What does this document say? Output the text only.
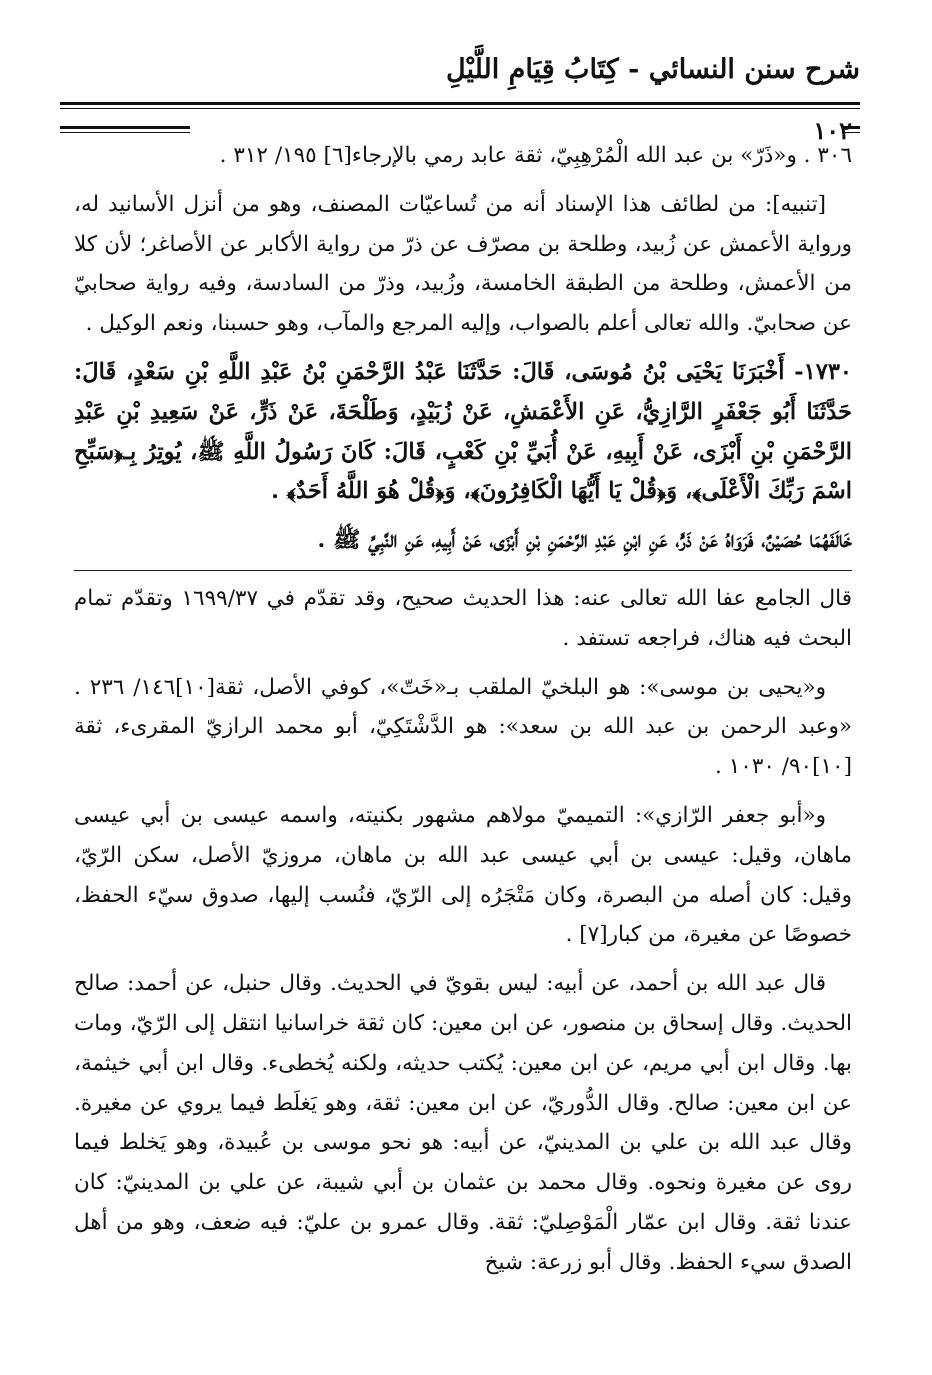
شرح سنن النسائي - كِتَابُ قِيَامِ اللَّيْلِ
١٠٢

٣٠٦ . و«ذَرّ» بن عبد الله الْمُرْهِبِيّ، ثقة عابد رمي بالإرجاء[٦] ١٩٥/ ٣١٢ .

[تنبيه]: من لطائف هذا الإسناد أنه من تُساعيّات المصنف، وهو من أنزل الأسانيد له، ورواية الأعمش عن زُبيد، وطلحة بن مصرّف عن ذرّ من رواية الأكابر عن الأصاغر؛ لأن كلا من الأعمش، وطلحة من الطبقة الخامسة، وزُبيد، وذرّ من السادسة، وفيه رواية صحابيّ عن صحابيّ. والله تعالى أعلم بالصواب، وإليه المرجع والمآب، وهو حسبنا، ونعم الوكيل .

١٧٣٠- أَخْبَرَنَا يَحْيَى بْنُ مُوسَى، قَالَ: حَدَّثَنَا عَبْدُ الرَّحْمَنِ بْنُ عَبْدِ اللَّهِ بْنِ سَعْدٍ، قَالَ: حَدَّثَنَا أَبُو جَعْفَرٍ الرَّازِيُّ، عَنِ الأَعْمَشِ، عَنْ زُبَيْدٍ، وَطَلْحَةَ، عَنْ ذَرٍّ، عَنْ سَعِيدِ بْنِ عَبْدِ الرَّحْمَنِ بْنِ أَبْزَى، عَنْ أَبِيهِ، عَنْ أُبَيِّ بْنِ كَعْبٍ، قَالَ: كَانَ رَسُولُ اللَّهِ ﷺ، يُوتِرُ بِـ﴿سَبِّحِ اسْمَ رَبِّكَ الْأَعْلَى﴾، وَ﴿قُلْ يَا أَيُّهَا الْكَافِرُونَ﴾، وَ﴿قُلْ هُوَ اللَّهُ أَحَدٌ﴾ .

خَالَفَهُمَا حُصَيْنٌ، فَرَوَاهُ عَنْ ذَرٍّ، عَنِ ابْنِ عَبْدِ الرَّحْمَنِ بْنِ أَبْزَى، عَنْ أَبِيهِ، عَنِ النَّبِيِّ ﷺ .

قال الجامع عفا الله تعالى عنه: هذا الحديث صحيح، وقد تقدّم في ١٦٩٩/٣٧ وتقدّم تمام البحث فيه هناك، فراجعه تستفد .

و«يحيى بن موسى»: هو البلخيّ الملقب بـ«خَتّ»، كوفي الأصل، ثقة[١٠]١٤٦/ ٢٣٦ . «وعبد الرحمن بن عبد الله بن سعد»: هو الدَّشْتَكِيّ، أبو محمد الرازيّ المقرىء، ثقة [١٠]٩٠/ ١٠٣٠ .

و«أبو جعفر الرّازي»: التميميّ مولاهم مشهور بكنيته، واسمه عيسى بن أبي عيسى ماهان، وقيل: عيسى بن أبي عيسى عبد الله بن ماهان، مروزيّ الأصل، سكن الرّيّ، وقيل: كان أصله من البصرة، وكان مَتْجَرُه إلى الرّيّ، فنُسب إليها، صدوق سيّء الحفظ، خصوصًا عن مغيرة، من كبار[٧] .

قال عبد الله بن أحمد، عن أبيه: ليس بقويّ في الحديث. وقال حنبل، عن أحمد: صالح الحديث. وقال إسحاق بن منصور، عن ابن معين: كان ثقة خراسانيا انتقل إلى الرّيّ، ومات بها. وقال ابن أبي مريم، عن ابن معين: يُكتب حديثه، ولكنه يُخطىء. وقال ابن أبي خيثمة، عن ابن معين: صالح. وقال الدُّوريّ، عن ابن معين: ثقة، وهو يَغلَط فيما يروي عن مغيرة. وقال عبد الله بن علي بن المدينيّ، عن أبيه: هو نحو موسى بن عُبيدة، وهو يَخلط فيما روى عن مغيرة ونحوه. وقال محمد بن عثمان بن أبي شيبة، عن علي بن المدينيّ: كان عندنا ثقة. وقال ابن عمّار الْمَوْصِليّ: ثقة. وقال عمرو بن عليّ: فيه ضعف، وهو من أهل الصدق سيء الحفظ. وقال أبو زرعة: شيخ
